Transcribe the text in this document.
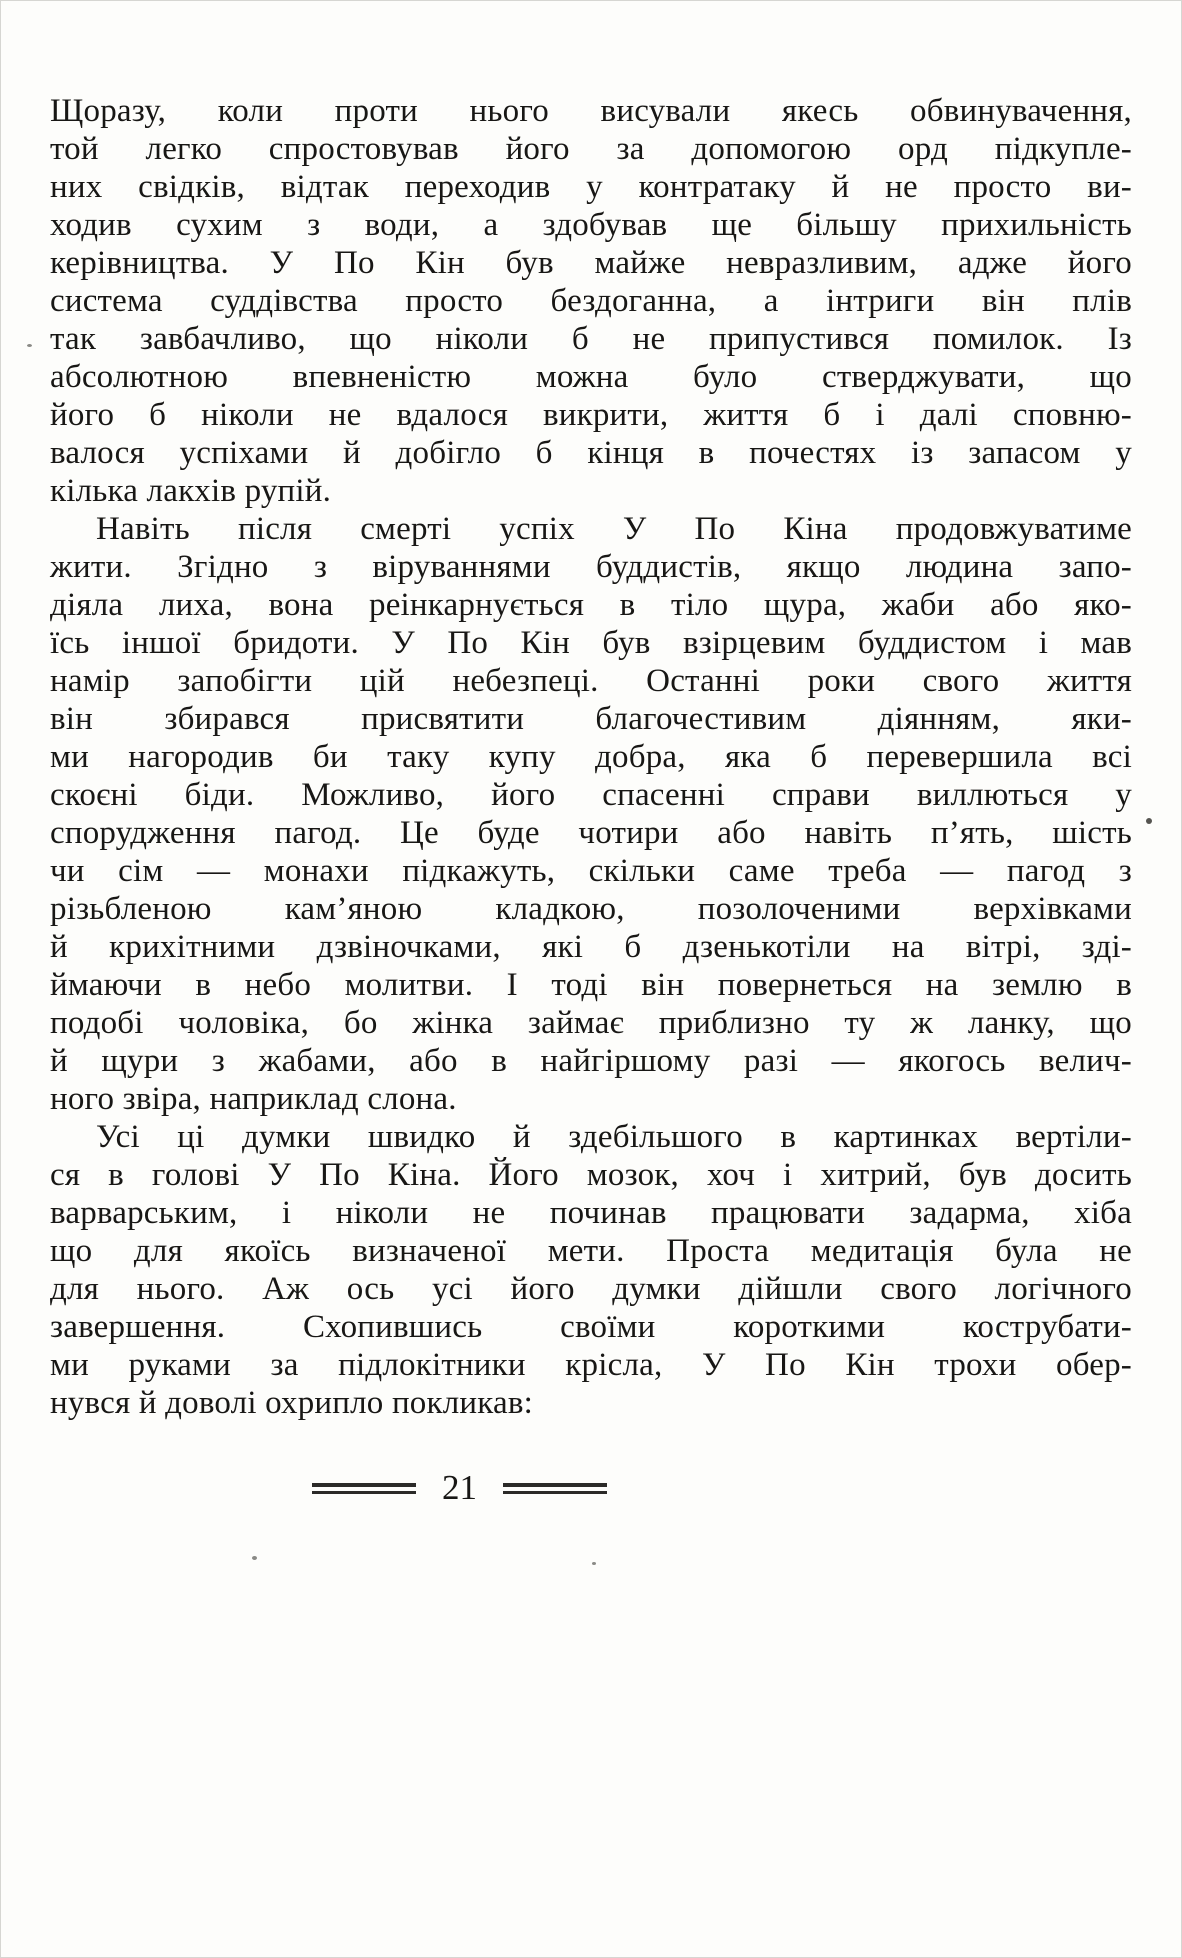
Щоразу, коли проти нього висували якесь обвинувачення,
той легко спростовував його за допомогою орд підкупле-
них свідків, відтак переходив у контратаку й не просто ви-
ходив сухим з води, а здобував ще більшу прихильність
керівництва. У По Кін був майже невразливим, адже його
система суддівства просто бездоганна, а інтриги він плів
так завбачливо, що ніколи б не припустився помилок. Із
абсолютною впевненістю можна було стверджувати, що
його б ніколи не вдалося викрити, життя б і далі сповню-
валося успіхами й добігло б кінця в почестях із запасом у
кілька лакхів рупій.
Навіть після смерті успіх У По Кіна продовжуватиме
жити. Згідно з віруваннями буддистів, якщо людина запо-
діяла лиха, вона реінкарнується в тіло щура, жаби або яко-
їсь іншої бридоти. У По Кін був взірцевим буддистом і мав
намір запобігти цій небезпеці. Останні роки свого життя
він збирався присвятити благочестивим діянням, яки-
ми нагородив би таку купу добра, яка б перевершила всі
скоєні біди. Можливо, його спасенні справи виллються у
спорудження пагод. Це буде чотири або навіть п’ять, шість
чи сім — монахи підкажуть, скільки саме треба — пагод з
різьбленою кам’яною кладкою, позолоченими верхівками
й крихітними дзвіночками, які б дзенькотіли на вітрі, зді-
ймаючи в небо молитви. І тоді він повернеться на землю в
подобі чоловіка, бо жінка займає приблизно ту ж ланку, що
й щури з жабами, або в найгіршому разі — якогось велич-
ного звіра, наприклад слона.
Усі ці думки швидко й здебільшого в картинках вертіли-
ся в голові У По Кіна. Його мозок, хоч і хитрий, був досить
варварським, і ніколи не починав працювати задарма, хіба
що для якоїсь визначеної мети. Проста медитація була не
для нього. Аж ось усі його думки дійшли свого логічного
завершення. Схопившись своїми короткими кострубати-
ми руками за підлокітники крісла, У По Кін трохи обер-
нувся й доволі охрипло покликав:
21
